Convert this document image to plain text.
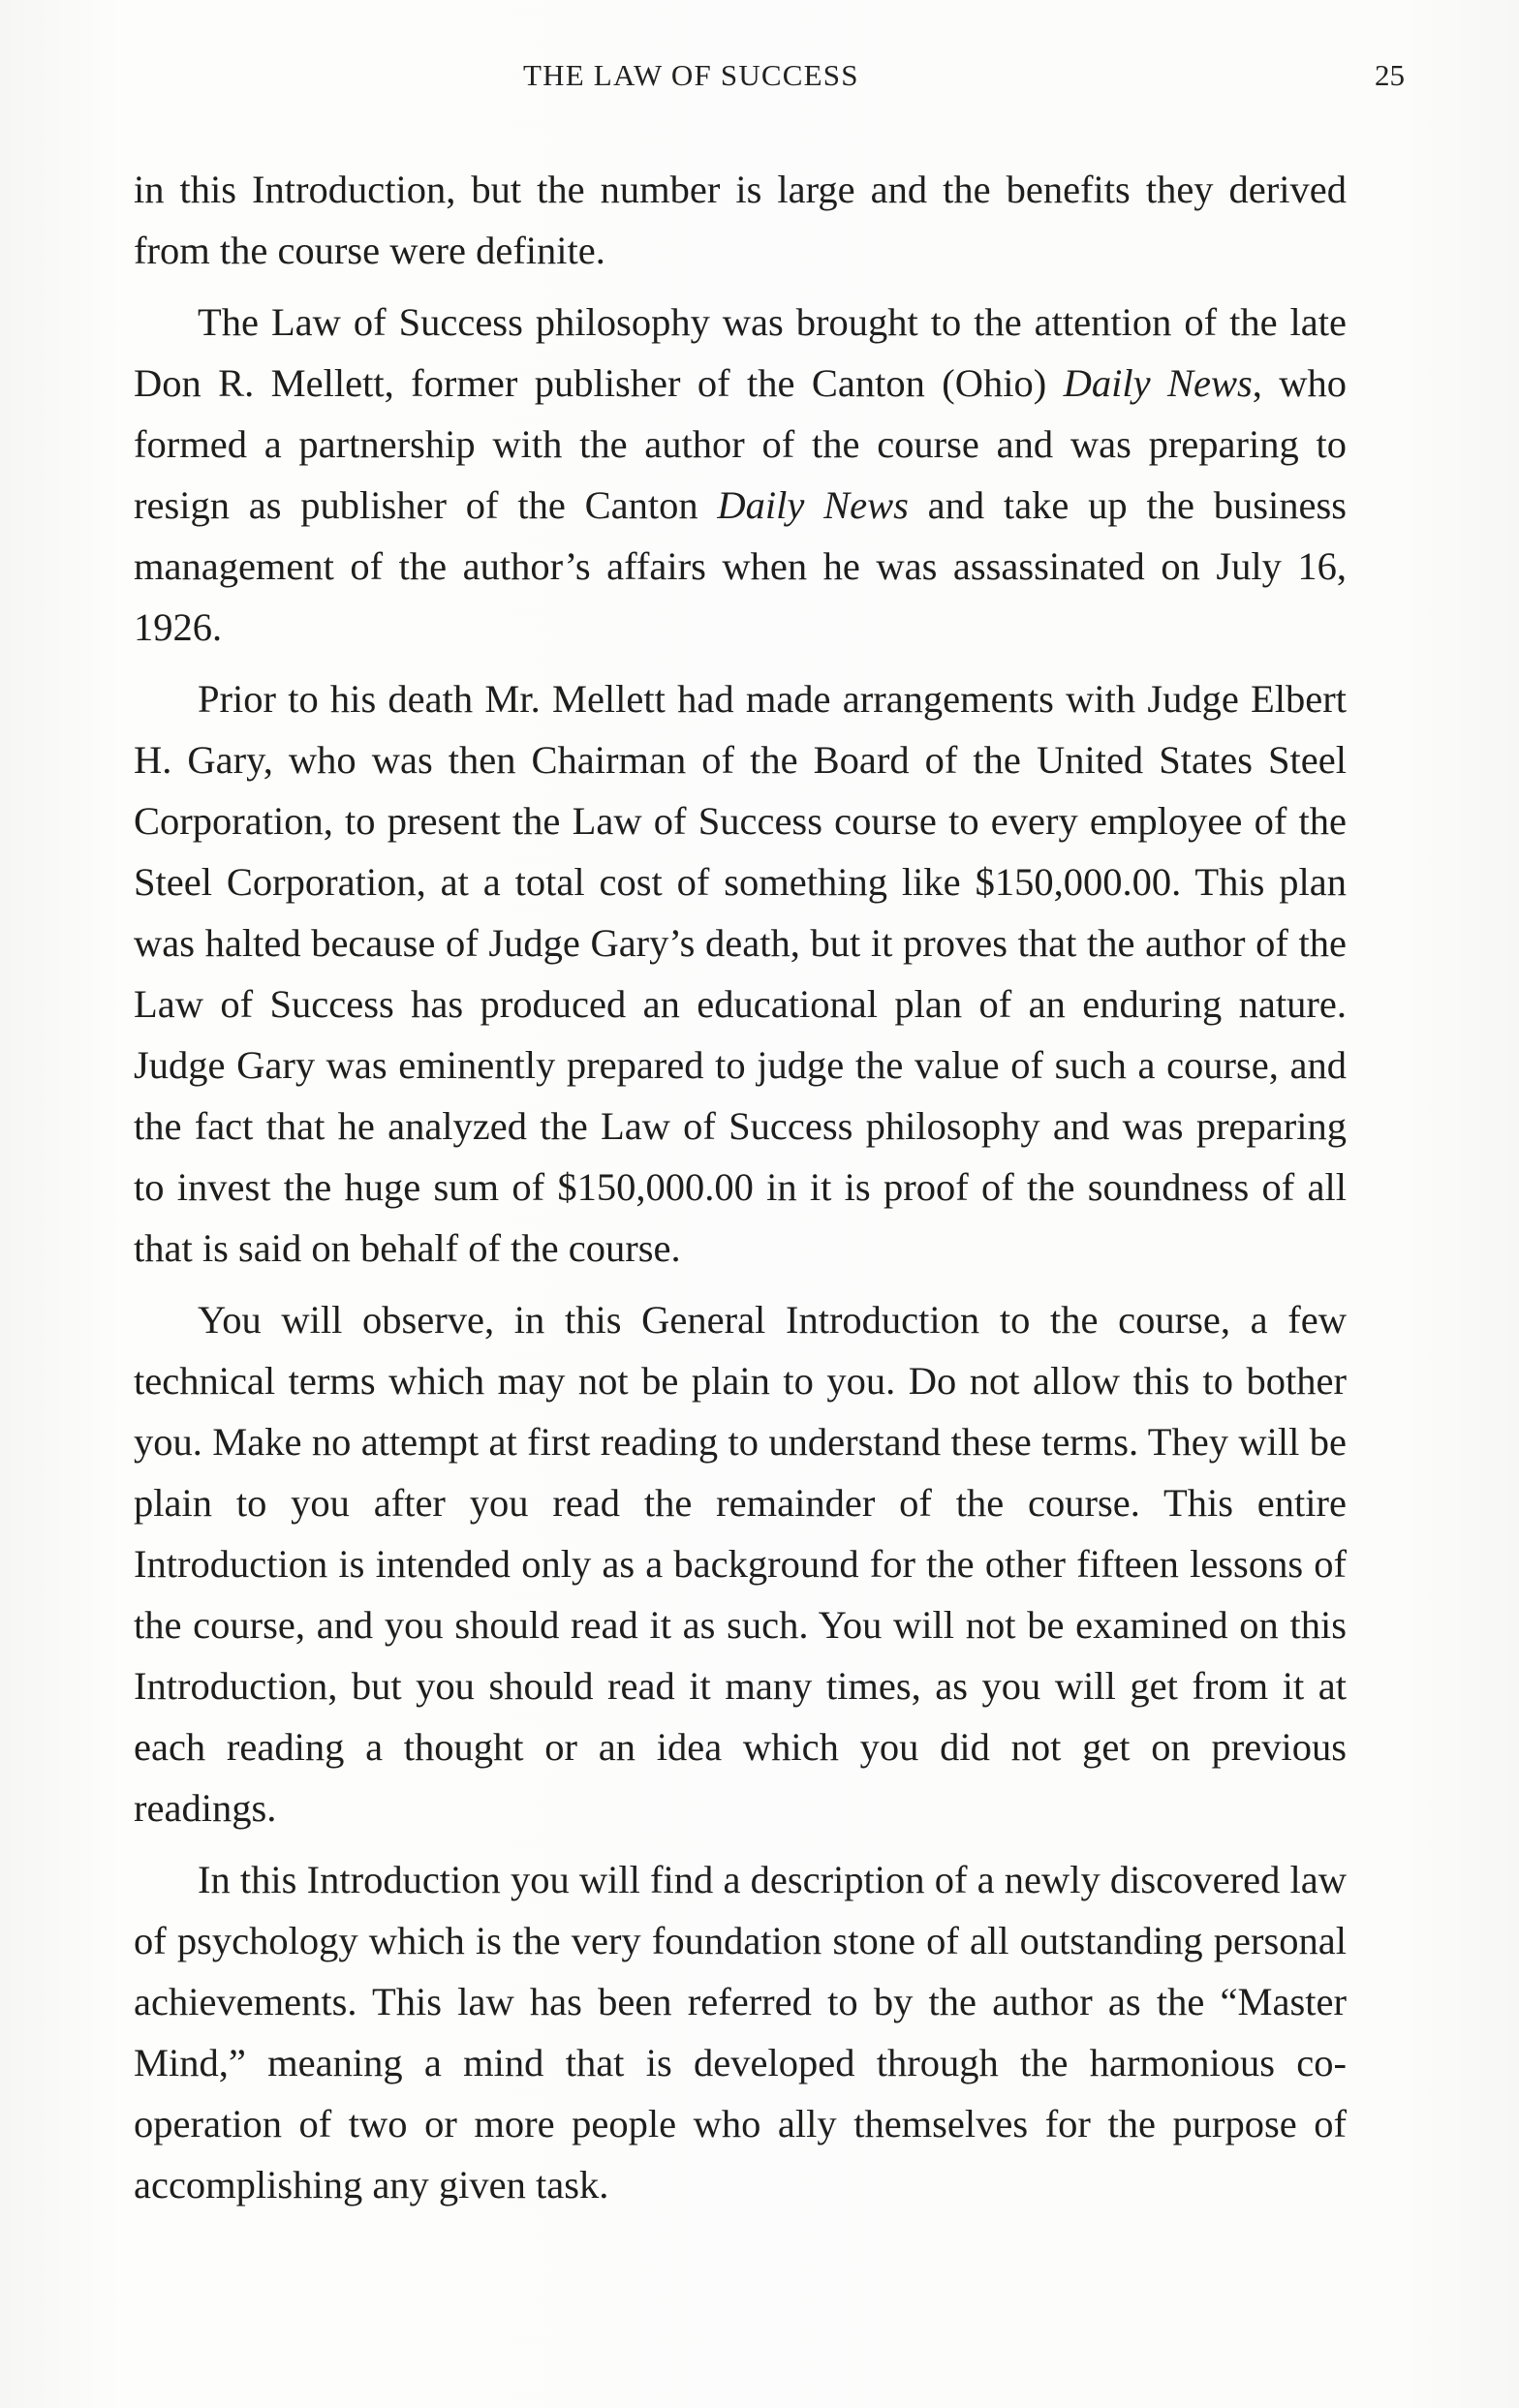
THE LAW OF SUCCESS	25

in this Introduction, but the number is large and the benefits they derived from the course were definite.

The Law of Success philosophy was brought to the attention of the late Don R. Mellett, former publisher of the Canton (Ohio) Daily News, who formed a partnership with the author of the course and was preparing to resign as publisher of the Canton Daily News and take up the business management of the author’s affairs when he was assassinated on July 16, 1926.

Prior to his death Mr. Mellett had made arrangements with Judge Elbert H. Gary, who was then Chairman of the Board of the United States Steel Corporation, to present the Law of Success course to every employee of the Steel Corporation, at a total cost of something like $150,000.00. This plan was halted because of Judge Gary’s death, but it proves that the author of the Law of Success has produced an educational plan of an enduring nature. Judge Gary was eminently prepared to judge the value of such a course, and the fact that he analyzed the Law of Success philosophy and was preparing to invest the huge sum of $150,000.00 in it is proof of the soundness of all that is said on behalf of the course.

You will observe, in this General Introduction to the course, a few technical terms which may not be plain to you. Do not allow this to bother you. Make no attempt at first reading to understand these terms. They will be plain to you after you read the remainder of the course. This entire Introduction is intended only as a background for the other fifteen lessons of the course, and you should read it as such. You will not be examined on this Introduction, but you should read it many times, as you will get from it at each reading a thought or an idea which you did not get on previous readings.

In this Introduction you will find a description of a newly discovered law of psychology which is the very foundation stone of all outstanding personal achievements. This law has been referred to by the author as the “Master Mind,” meaning a mind that is developed through the harmonious co-operation of two or more people who ally themselves for the purpose of accomplishing any given task.
